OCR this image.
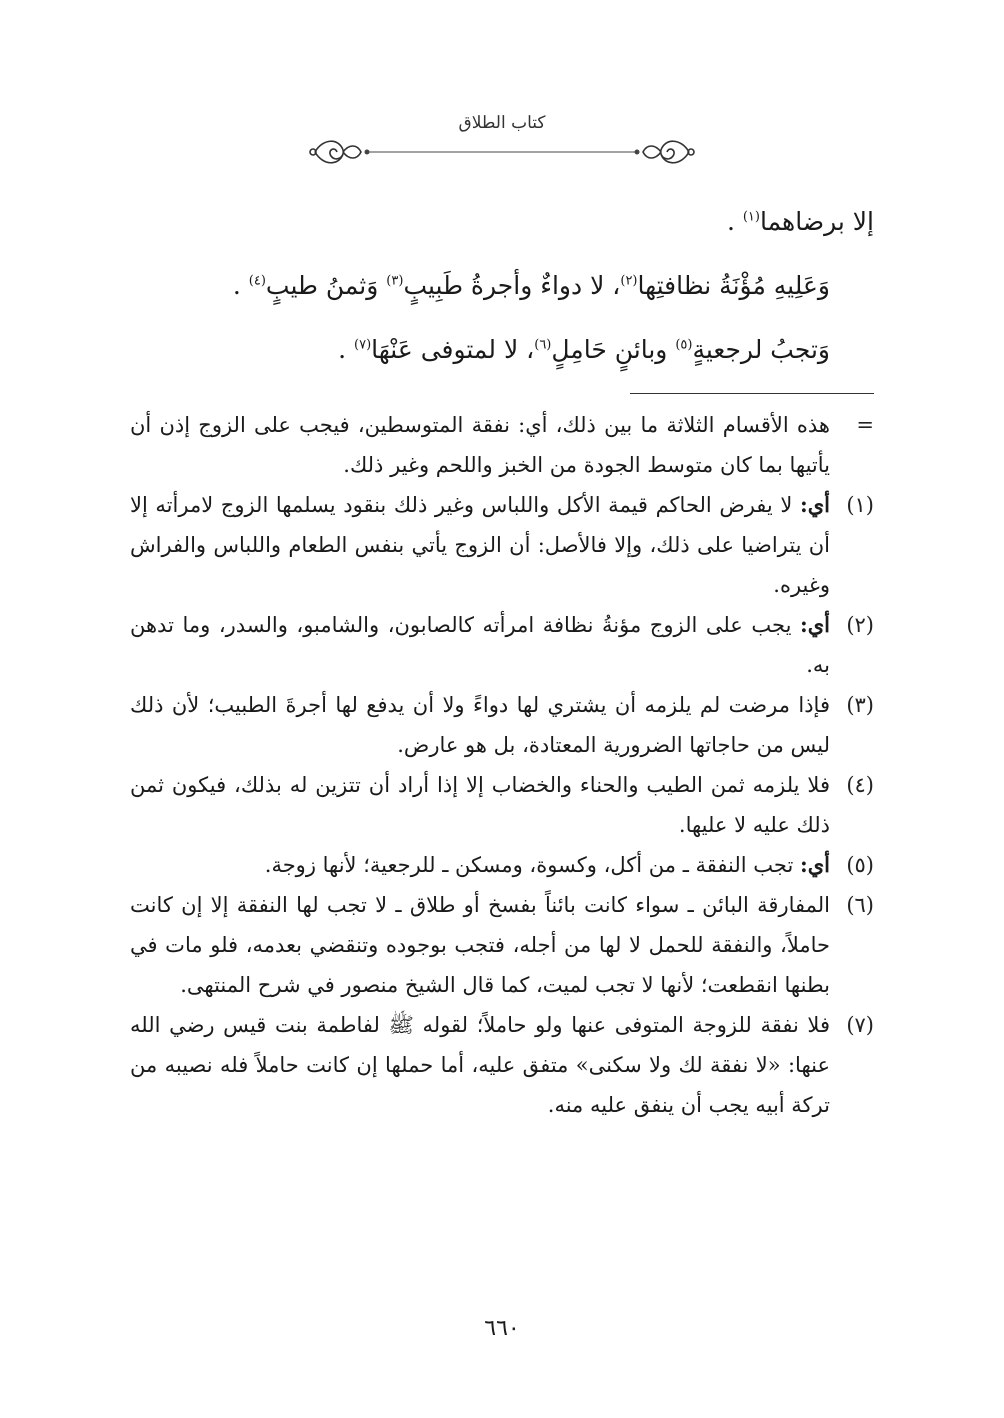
كتاب الطلاق

إلا برضاهما$^{(١)}$ .

وَعَلِيهِ مُؤْنَةُ نظافتِها$^{(٢)}$، لا دواءٌ وأجرةُ طَبِيبٍ$^{(٣)}$ وَثمنُ طيبٍ$^{(٤)}$ .

وَتجبُ لرجعيةٍ$^{(٥)}$ وبائنٍ حَامِلٍ$^{(٦)}$، لا لمتوفى عَنْهَا$^{(٧)}$ .

=
هذه الأقسام الثلاثة ما بين ذلك، أي: نفقة المتوسطين، فيجب على الزوج إذن أن يأتيها بما كان متوسط الجودة من الخبز واللحم وغير ذلك.
(١)
أي: لا يفرض الحاكم قيمة الأكل واللباس وغير ذلك بنقود يسلمها الزوج لامرأته إلا أن يتراضيا على ذلك، وإلا فالأصل: أن الزوج يأتي بنفس الطعام واللباس والفراش وغيره.
(٢)
أي: يجب على الزوج مؤنةُ نظافة امرأته كالصابون، والشامبو، والسدر، وما تدهن به.
(٣)
فإذا مرضت لم يلزمه أن يشتري لها دواءً ولا أن يدفع لها أجرةَ الطبيب؛ لأن ذلك ليس من حاجاتها الضرورية المعتادة، بل هو عارض.
(٤)
فلا يلزمه ثمن الطيب والحناء والخضاب إلا إذا أراد أن تتزين له بذلك، فيكون ثمن ذلك عليه لا عليها.
(٥)
أي: تجب النفقة ـ من أكل، وكسوة، ومسكن ـ للرجعية؛ لأنها زوجة.
(٦)
المفارقة البائن ـ سواء كانت بائناً بفسخ أو طلاق ـ لا تجب لها النفقة إلا إن كانت حاملاً، والنفقة للحمل لا لها من أجله، فتجب بوجوده وتنقضي بعدمه، فلو مات في بطنها انقطعت؛ لأنها لا تجب لميت، كما قال الشيخ منصور في شرح المنتهى.
(٧)
فلا نفقة للزوجة المتوفى عنها ولو حاملاً؛ لقوله ﷺ لفاطمة بنت قيس رضي الله عنها: «لا نفقة لك ولا سكنى» متفق عليه، أما حملها إن كانت حاملاً فله نصيبه من تركة أبيه يجب أن ينفق عليه منه.
٦٦٠
